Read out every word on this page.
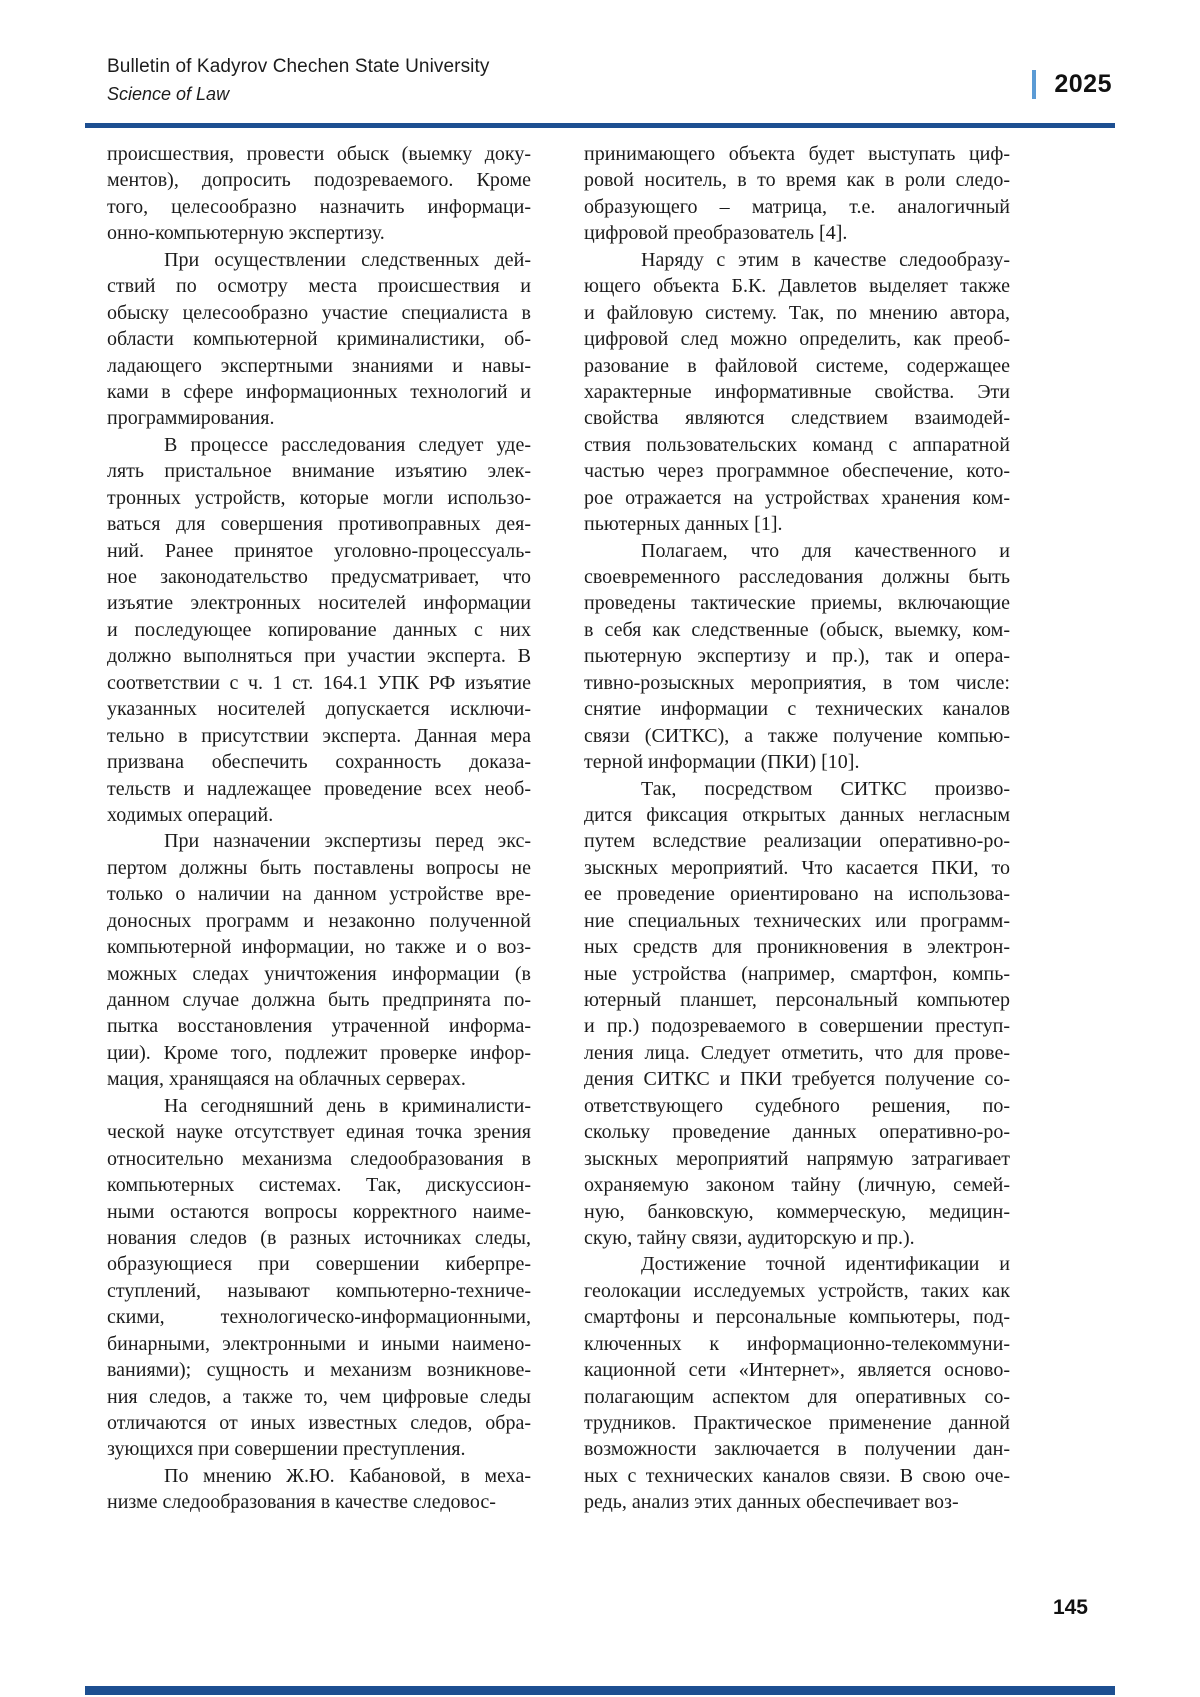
Bulletin of Kadyrov Chechen State University
Science of Law	2025
происшествия, провести обыск (выемку доку-
ментов), допросить подозреваемого. Кроме
того, целесообразно назначить информаци-
онно-компьютерную экспертизу.
При осуществлении следственных дей-
ствий по осмотру места происшествия и
обыску целесообразно участие специалиста в
области компьютерной криминалистики, об-
ладающего экспертными знаниями и навы-
ками в сфере информационных технологий и
программирования.
В процессе расследования следует уде-
лять пристальное внимание изъятию элек-
тронных устройств, которые могли использо-
ваться для совершения противоправных дея-
ний. Ранее принятое уголовно-процессуаль-
ное законодательство предусматривает, что
изъятие электронных носителей информации
и последующее копирование данных с них
должно выполняться при участии эксперта. В
соответствии с ч. 1 ст. 164.1 УПК РФ изъятие
указанных носителей допускается исключи-
тельно в присутствии эксперта. Данная мера
призвана обеспечить сохранность доказа-
тельств и надлежащее проведение всех необ-
ходимых операций.
При назначении экспертизы перед экс-
пертом должны быть поставлены вопросы не
только о наличии на данном устройстве вре-
доносных программ и незаконно полученной
компьютерной информации, но также и о воз-
можных следах уничтожения информации (в
данном случае должна быть предпринята по-
пытка восстановления утраченной информа-
ции). Кроме того, подлежит проверке инфор-
мация, хранящаяся на облачных серверах.
На сегодняшний день в криминалисти-
ческой науке отсутствует единая точка зрения
относительно механизма следообразования в
компьютерных системах. Так, дискуссион-
ными остаются вопросы корректного наиме-
нования следов (в разных источниках следы,
образующиеся при совершении киберпре-
ступлений, называют компьютерно-техниче-
скими, технологическо-информационными,
бинарными, электронными и иными наимено-
ваниями); сущность и механизм возникнове-
ния следов, а также то, чем цифровые следы
отличаются от иных известных следов, обра-
зующихся при совершении преступления.
По мнению Ж.Ю. Кабановой, в меха-
низме следообразования в качестве следовос-
принимающего объекта будет выступать циф-
ровой носитель, в то время как в роли следо-
образующего – матрица, т.е. аналогичный
цифровой преобразователь [4].
Наряду с этим в качестве следообразу-
ющего объекта Б.К. Давлетов выделяет также
и файловую систему. Так, по мнению автора,
цифровой след можно определить, как преоб-
разование в файловой системе, содержащее
характерные информативные свойства. Эти
свойства являются следствием взаимодей-
ствия пользовательских команд с аппаратной
частью через программное обеспечение, кото-
рое отражается на устройствах хранения ком-
пьютерных данных [1].
Полагаем, что для качественного и
своевременного расследования должны быть
проведены тактические приемы, включающие
в себя как следственные (обыск, выемку, ком-
пьютерную экспертизу и пр.), так и опера-
тивно-розыскных мероприятия, в том числе:
снятие информации с технических каналов
связи (СИТКС), а также получение компью-
терной информации (ПКИ) [10].
Так, посредством СИТКС произво-
дится фиксация открытых данных негласным
путем вследствие реализации оперативно-ро-
зыскных мероприятий. Что касается ПКИ, то
ее проведение ориентировано на использова-
ние специальных технических или программ-
ных средств для проникновения в электрон-
ные устройства (например, смартфон, компь-
ютерный планшет, персональный компьютер
и пр.) подозреваемого в совершении преступ-
ления лица. Следует отметить, что для прове-
дения СИТКС и ПКИ требуется получение со-
ответствующего судебного решения, по-
скольку проведение данных оперативно-ро-
зыскных мероприятий напрямую затрагивает
охраняемую законом тайну (личную, семей-
ную, банковскую, коммерческую, медицин-
скую, тайну связи, аудиторскую и пр.).
Достижение точной идентификации и
геолокации исследуемых устройств, таких как
смартфоны и персональные компьютеры, под-
ключенных к информационно-телекоммуни-
кационной сети «Интернет», является осново-
полагающим аспектом для оперативных со-
трудников. Практическое применение данной
возможности заключается в получении дан-
ных с технических каналов связи. В свою оче-
редь, анализ этих данных обеспечивает воз-
145
